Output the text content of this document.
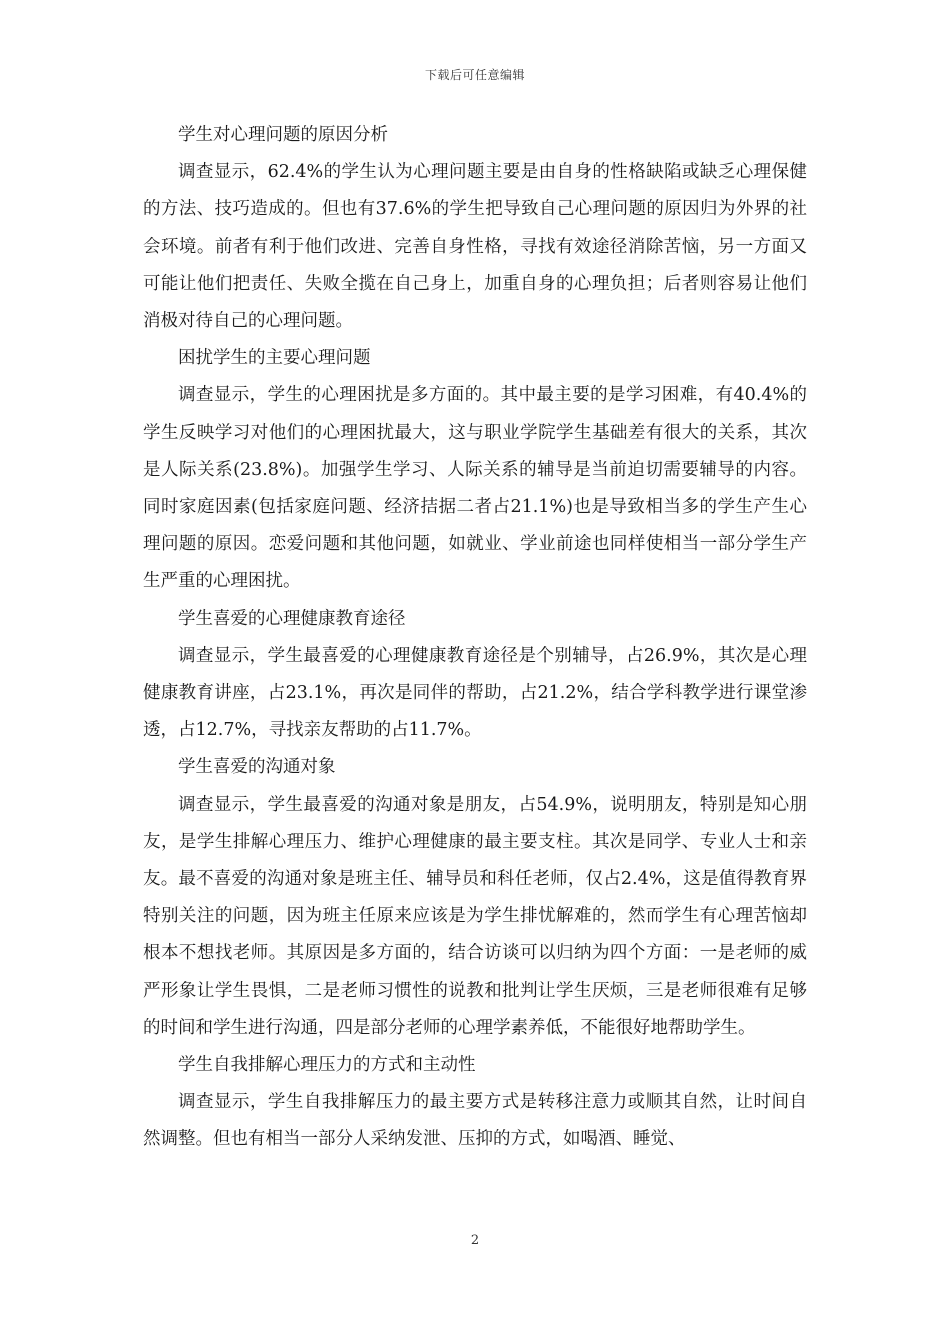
下载后可任意编辑

学生对心理问题的原因分析

调查显示，62.4%的学生认为心理问题主要是由自身的性格缺陷或缺乏心理保健的方法、技巧造成的。但也有37.6%的学生把导致自己心理问题的原因归为外界的社会环境。前者有利于他们改进、完善自身性格，寻找有效途径消除苦恼，另一方面又可能让他们把责任、失败全揽在自己身上，加重自身的心理负担；后者则容易让他们消极对待自己的心理问题。

困扰学生的主要心理问题

调查显示，学生的心理困扰是多方面的。其中最主要的是学习困难，有40.4%的学生反映学习对他们的心理困扰最大，这与职业学院学生基础差有很大的关系，其次是人际关系(23.8%)。加强学生学习、人际关系的辅导是当前迫切需要辅导的内容。同时家庭因素(包括家庭问题、经济拮据二者占21.1%)也是导致相当多的学生产生心理问题的原因。恋爱问题和其他问题，如就业、学业前途也同样使相当一部分学生产生严重的心理困扰。

学生喜爱的心理健康教育途径

调查显示，学生最喜爱的心理健康教育途径是个别辅导，占26.9%，其次是心理健康教育讲座，占23.1%，再次是同伴的帮助，占21.2%，结合学科教学进行课堂渗透，占12.7%，寻找亲友帮助的占11.7%。

学生喜爱的沟通对象

调查显示，学生最喜爱的沟通对象是朋友，占54.9%，说明朋友，特别是知心朋友，是学生排解心理压力、维护心理健康的最主要支柱。其次是同学、专业人士和亲友。最不喜爱的沟通对象是班主任、辅导员和科任老师，仅占2.4%，这是值得教育界特别关注的问题，因为班主任原来应该是为学生排忧解难的，然而学生有心理苦恼却根本不想找老师。其原因是多方面的，结合访谈可以归纳为四个方面：一是老师的威严形象让学生畏惧，二是老师习惯性的说教和批判让学生厌烦，三是老师很难有足够的时间和学生进行沟通，四是部分老师的心理学素养低，不能很好地帮助学生。

学生自我排解心理压力的方式和主动性

调查显示，学生自我排解压力的最主要方式是转移注意力或顺其自然，让时间自然调整。但也有相当一部分人采纳发泄、压抑的方式，如喝酒、睡觉、

2
